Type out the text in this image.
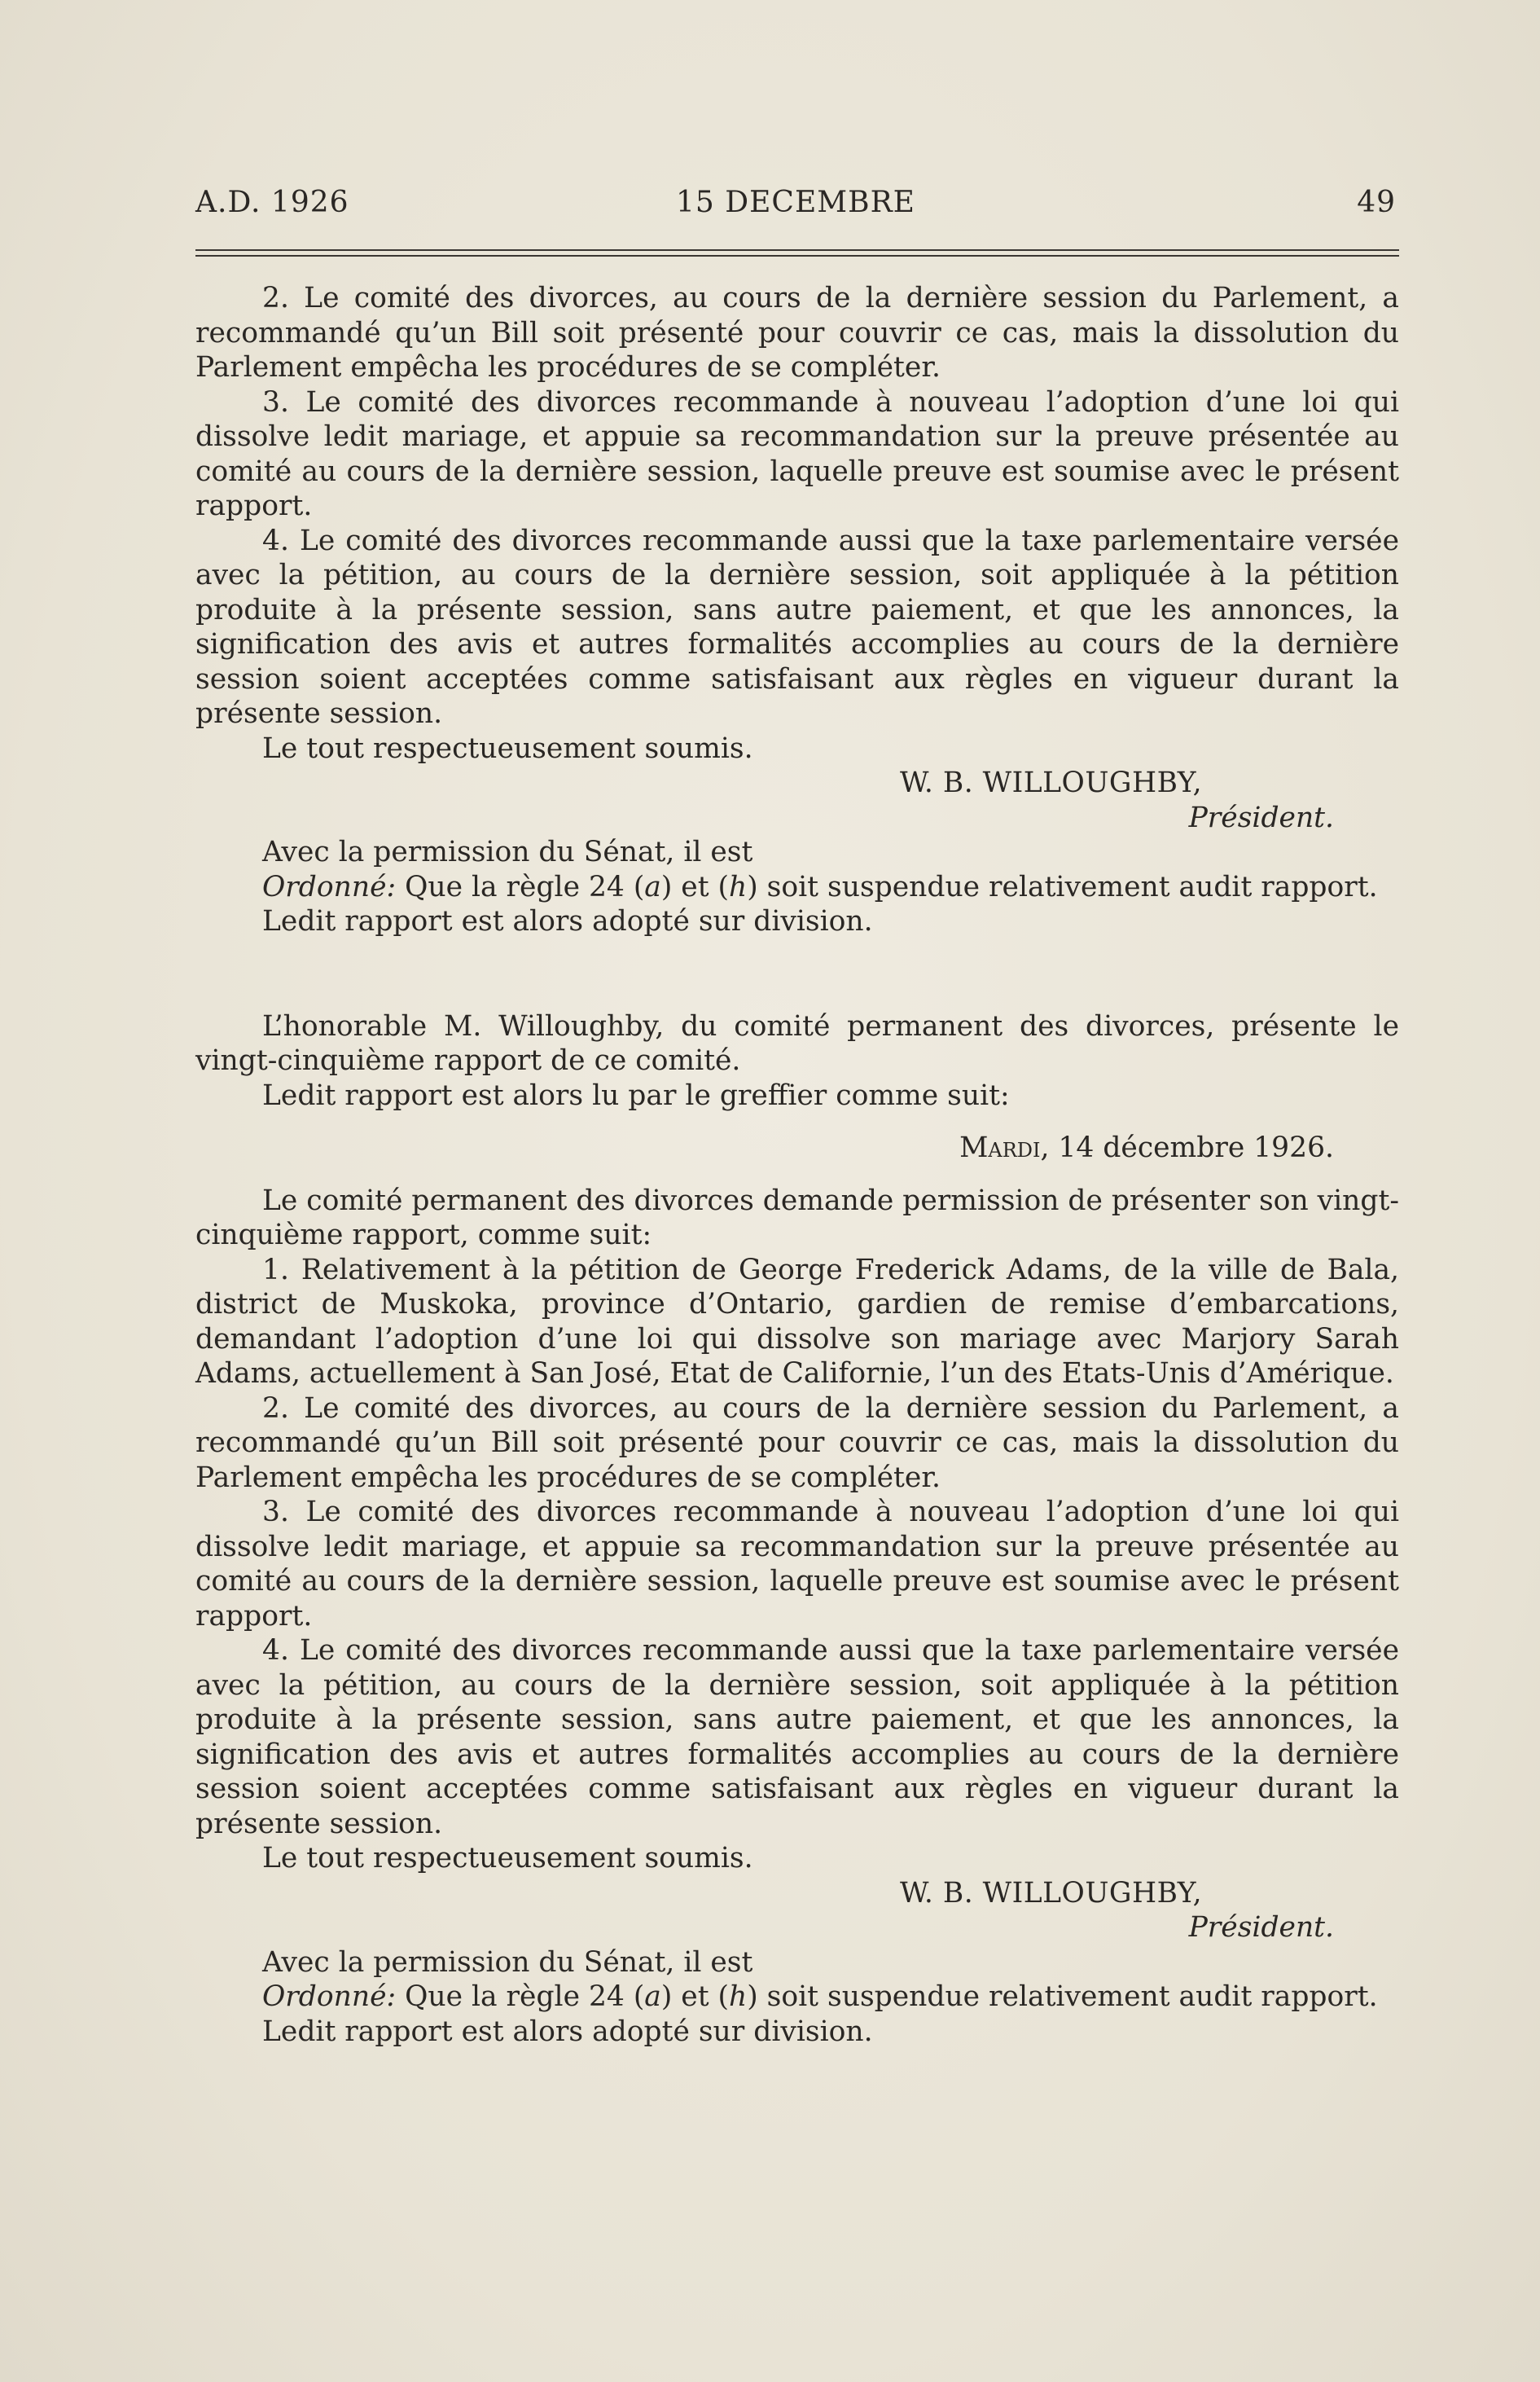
A.D. 1926	15 DECEMBRE	49

2. Le comité des divorces, au cours de la dernière session du Parlement, a recommandé qu’un Bill soit présenté pour couvrir ce cas, mais la dissolution du Parlement empêcha les procédures de se compléter.

3. Le comité des divorces recommande à nouveau l’adoption d’une loi qui dissolve ledit mariage, et appuie sa recommandation sur la preuve présentée au comité au cours de la dernière session, laquelle preuve est soumise avec le présent rapport.

4. Le comité des divorces recommande aussi que la taxe parlementaire versée avec la pétition, au cours de la dernière session, soit appliquée à la pétition produite à la présente session, sans autre paiement, et que les annonces, la signification des avis et autres formalités accomplies au cours de la dernière session soient acceptées comme satisfaisant aux règles en vigueur durant la présente session.

Le tout respectueusement soumis.

W. B. WILLOUGHBY,

Président.

Avec la permission du Sénat, il est

Ordonné: Que la règle 24 (a) et (h) soit suspendue relativement audit rapport.

Ledit rapport est alors adopté sur division.

L’honorable M. Willoughby, du comité permanent des divorces, présente le vingt-cinquième rapport de ce comité.

Ledit rapport est alors lu par le greffier comme suit:

Mardi, 14 décembre 1926.

Le comité permanent des divorces demande permission de présenter son vingt-cinquième rapport, comme suit:

1. Relativement à la pétition de George Frederick Adams, de la ville de Bala, district de Muskoka, province d’Ontario, gardien de remise d’embarcations, demandant l’adoption d’une loi qui dissolve son mariage avec Marjory Sarah Adams, actuellement à San José, Etat de Californie, l’un des Etats-Unis d’Amérique.

2. Le comité des divorces, au cours de la dernière session du Parlement, a recommandé qu’un Bill soit présenté pour couvrir ce cas, mais la dissolution du Parlement empêcha les procédures de se compléter.

3. Le comité des divorces recommande à nouveau l’adoption d’une loi qui dissolve ledit mariage, et appuie sa recommandation sur la preuve présentée au comité au cours de la dernière session, laquelle preuve est soumise avec le présent rapport.

4. Le comité des divorces recommande aussi que la taxe parlementaire versée avec la pétition, au cours de la dernière session, soit appliquée à la pétition produite à la présente session, sans autre paiement, et que les annonces, la signification des avis et autres formalités accomplies au cours de la dernière session soient acceptées comme satisfaisant aux règles en vigueur durant la présente session.

Le tout respectueusement soumis.

W. B. WILLOUGHBY,

Président.

Avec la permission du Sénat, il est

Ordonné: Que la règle 24 (a) et (h) soit suspendue relativement audit rapport.

Ledit rapport est alors adopté sur division.
